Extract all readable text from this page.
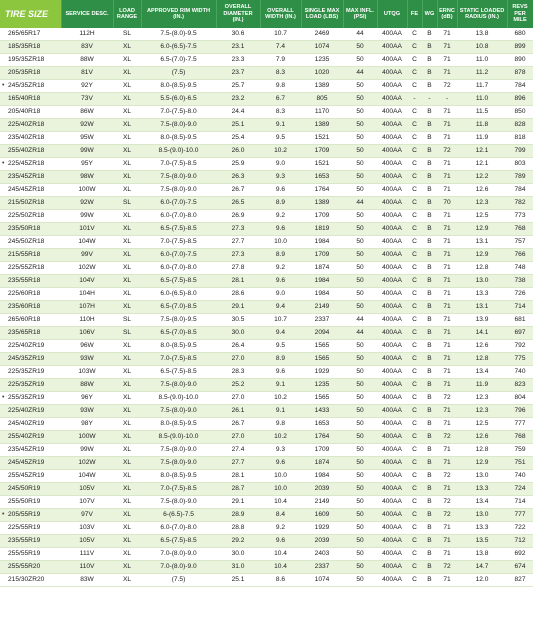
TIRE SIZE	SERVICE DESC.	LOAD RANGE	APPROVED RIM WIDTH (IN.)	OVERALL DIAMETER (IN.)	OVERALL WIDTH (IN.)	SINGLE MAX LOAD (LBS)	MAX INFL. (PSI)	UTQG	FE	WG	ERNC (dB)	STATIC LOADED RADIUS (IN.)	REVS PER MILE
265/65R17	112H	SL	7.5-(8.0)-9.5	30.6	10.7	2469	44	400AA	C	B	71	13.8	680
185/35R18	83V	XL	6.0-(6.5)-7.5	23.1	7.4	1074	50	400AA	C	B	71	10.8	899
195/35ZR18	88W	XL	6.5-(7.0)-7.5	23.3	7.9	1235	50	400AA	C	B	71	11.0	890
205/35R18	81V	XL	(7.5)	23.7	8.3	1020	44	400AA	C	B	71	11.2	878

• 245/35ZR18	92Y	XL	8.0-(8.5)-9.5	25.7	9.8	1389	50	400AA	C	B	72	11.7	784
165/40R18	73V	XL	5.5-(6.0)-6.5	23.2	6.7	805	50	400AA	-	-	-	11.0	896
205/40R18	86W	XL	7.0-(7.5)-8.0	24.4	8.3	1170	50	400AA	C	B	71	11.5	850
225/40ZR18	92W	XL	7.5-(8.0)-9.0	25.1	9.1	1389	50	400AA	C	B	71	11.8	828
235/40ZR18	95W	XL	8.0-(8.5)-9.5	25.4	9.5	1521	50	400AA	C	B	71	11.9	818
255/40ZR18	99W	XL	8.5-(9.0)-10.0	26.0	10.2	1709	50	400AA	C	B	72	12.1	799

• 225/45ZR18	95Y	XL	7.0-(7.5)-8.5	25.9	9.0	1521	50	400AA	C	B	71	12.1	803
235/45ZR18	98W	XL	7.5-(8.0)-9.0	26.3	9.3	1653	50	400AA	C	B	71	12.2	789
245/45ZR18	100W	XL	7.5-(8.0)-9.0	26.7	9.6	1764	50	400AA	C	B	71	12.6	784
215/50ZR18	92W	SL	6.0-(7.0)-7.5	26.5	8.9	1389	44	400AA	C	B	70	12.3	782
225/50ZR18	99W	XL	6.0-(7.0)-8.0	26.9	9.2	1709	50	400AA	C	B	71	12.5	773
235/50R18	101V	XL	6.5-(7.5)-8.5	27.3	9.6	1819	50	400AA	C	B	71	12.9	768
245/50ZR18	104W	XL	7.0-(7.5)-8.5	27.7	10.0	1984	50	400AA	C	B	71	13.1	757
215/55R18	99V	XL	6.0-(7.0)-7.5	27.3	8.9	1709	50	400AA	C	B	71	12.9	766
225/55ZR18	102W	XL	6.0-(7.0)-8.0	27.8	9.2	1874	50	400AA	C	B	71	12.8	748
235/55R18	104V	XL	6.5-(7.5)-8.5	28.1	9.6	1984	50	400AA	C	B	71	13.0	738
225/60R18	104H	XL	6.0-(6.5)-8.0	28.6	9.0	1984	50	400AA	C	B	71	13.3	726
235/60R18	107H	XL	6.5-(7.0)-8.5	29.1	9.4	2149	50	400AA	C	B	71	13.1	714
265/60R18	110H	SL	7.5-(8.0)-9.5	30.5	10.7	2337	44	400AA	C	B	71	13.9	681
235/65R18	106V	SL	6.5-(7.0)-8.5	30.0	9.4	2094	44	400AA	C	B	71	14.1	697
225/40ZR19	96W	XL	8.0-(8.5)-9.5	26.4	9.5	1565	50	400AA	C	B	71	12.6	792
245/35ZR19	93W	XL	7.0-(7.5)-8.5	27.0	8.9	1565	50	400AA	C	B	71	12.8	775
225/35ZR19	103W	XL	6.5-(7.5)-8.5	28.3	9.6	1929	50	400AA	C	B	71	13.4	740
225/35ZR19	88W	XL	7.5-(8.0)-9.0	25.2	9.1	1235	50	400AA	C	B	71	11.9	823

• 255/35ZR19	96Y	XL	8.5-(9.0)-10.0	27.0	10.2	1565	50	400AA	C	B	72	12.3	804
225/40ZR19	93W	XL	7.5-(8.0)-9.0	26.1	9.1	1433	50	400AA	C	B	71	12.3	796
245/40ZR19	98Y	XL	8.0-(8.5)-9.5	26.7	9.8	1653	50	400AA	C	B	71	12.5	777
255/40ZR19	100W	XL	8.5-(9.0)-10.0	27.0	10.2	1764	50	400AA	C	B	72	12.6	768
235/45ZR19	99W	XL	7.5-(8.0)-9.0	27.4	9.3	1709	50	400AA	C	B	71	12.8	759
245/45ZR19	102W	XL	7.5-(8.0)-9.0	27.7	9.6	1874	50	400AA	C	B	71	12.9	751
255/45ZR19	104W	XL	8.0-(8.5)-9.5	28.1	10.0	1984	50	400AA	C	B	72	13.0	740
245/50R19	105V	XL	7.0-(7.5)-8.5	28.7	10.0	2039	50	400AA	C	B	71	13.3	724
255/50R19	107V	XL	7.5-(8.0)-9.0	29.1	10.4	2149	50	400AA	C	B	72	13.4	714

• 205/55R19	97V	XL	6-(6.5)-7.5	28.9	8.4	1609	50	400AA	C	B	72	13.0	777
225/55R19	103V	XL	6.0-(7.0)-8.0	28.8	9.2	1929	50	400AA	C	B	71	13.3	722
235/55R19	105V	XL	6.5-(7.5)-8.5	29.2	9.6	2039	50	400AA	C	B	71	13.5	712
255/55R19	111V	XL	7.0-(8.0)-9.0	30.0	10.4	2403	50	400AA	C	B	71	13.8	692
255/55R20	110V	XL	7.0-(8.0)-9.0	31.0	10.4	2337	50	400AA	C	B	72	14.7	674
215/30ZR20	83W	XL	(7.5)	25.1	8.6	1074	50	400AA	C	B	71	12.0	827
